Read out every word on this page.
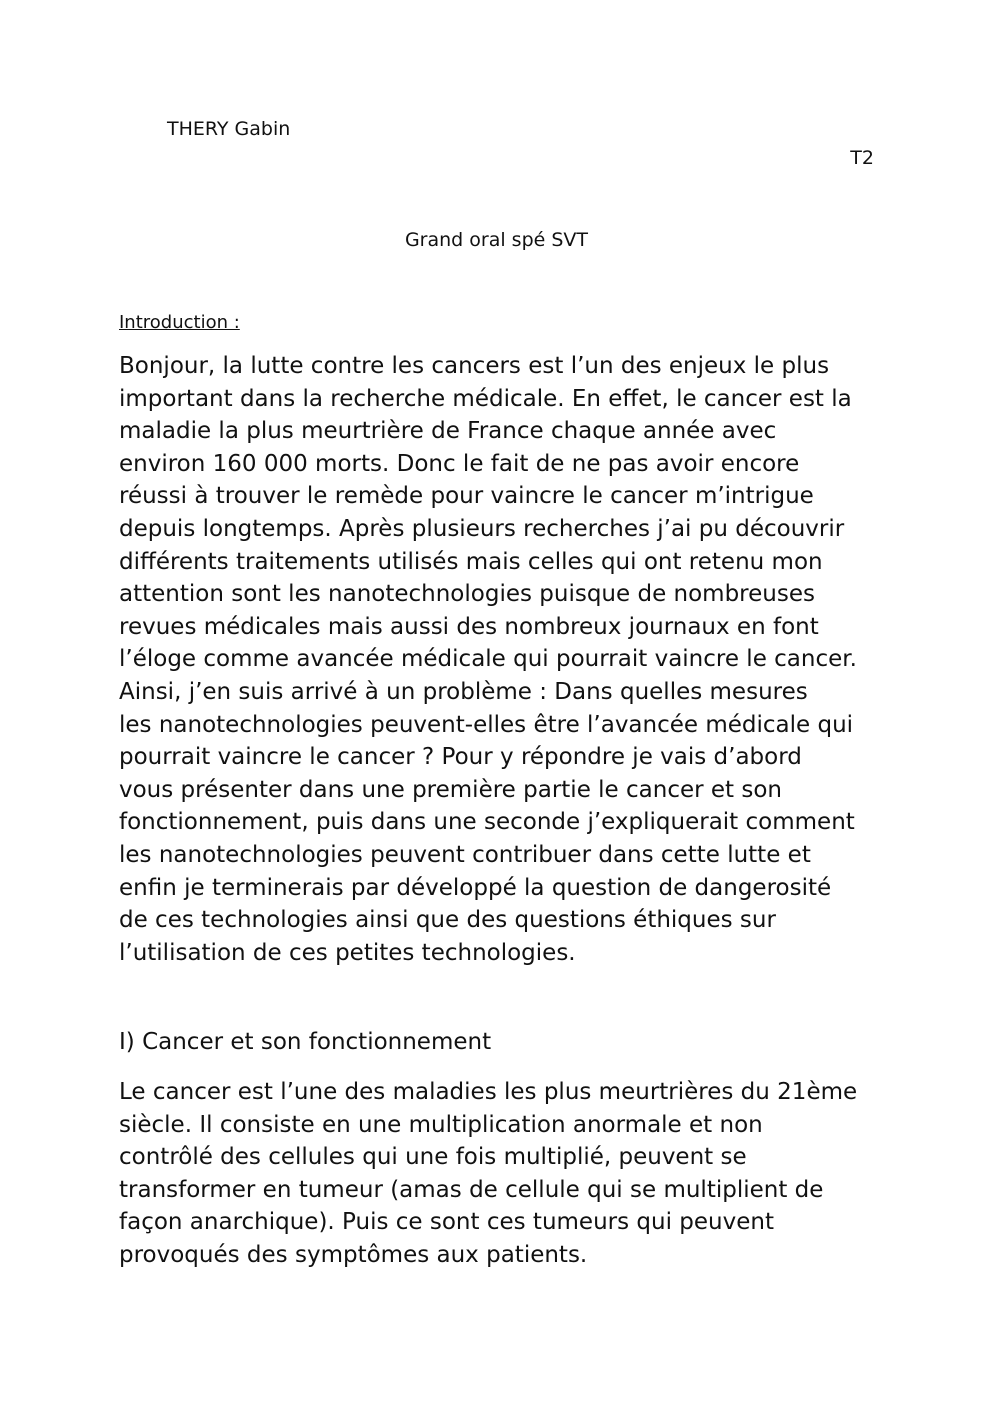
THERY Gabin

T2

Grand oral spé SVT

Introduction :

Bonjour, la lutte contre les cancers est l’un des enjeux le plus
important dans la recherche médicale. En effet, le cancer est la
maladie la plus meurtrière de France chaque année avec
environ 160 000 morts. Donc le fait de ne pas avoir encore
réussi à trouver le remède pour vaincre le cancer m’intrigue
depuis longtemps. Après plusieurs recherches j’ai pu découvrir
différents traitements utilisés mais celles qui ont retenu mon
attention sont les nanotechnologies puisque de nombreuses
revues médicales mais aussi des nombreux journaux en font
l’éloge comme avancée médicale qui pourrait vaincre le cancer.
Ainsi, j’en suis arrivé à un problème : Dans quelles mesures
les nanotechnologies peuvent-elles être l’avancée médicale qui
pourrait vaincre le cancer ? Pour y répondre je vais d’abord
vous présenter dans une première partie le cancer et son
fonctionnement, puis dans une seconde j’expliquerait comment
les nanotechnologies peuvent contribuer dans cette lutte et
enfin je terminerais par développé la question de dangerosité
de ces technologies ainsi que des questions éthiques sur
l’utilisation de ces petites technologies.

I) Cancer et son fonctionnement

Le cancer est l’une des maladies les plus meurtrières du 21ème
siècle. Il consiste en une multiplication anormale et non
contrôlé des cellules qui une fois multiplié, peuvent se
transformer en tumeur (amas de cellule qui se multiplient de
façon anarchique). Puis ce sont ces tumeurs qui peuvent
provoqués des symptômes aux patients.
